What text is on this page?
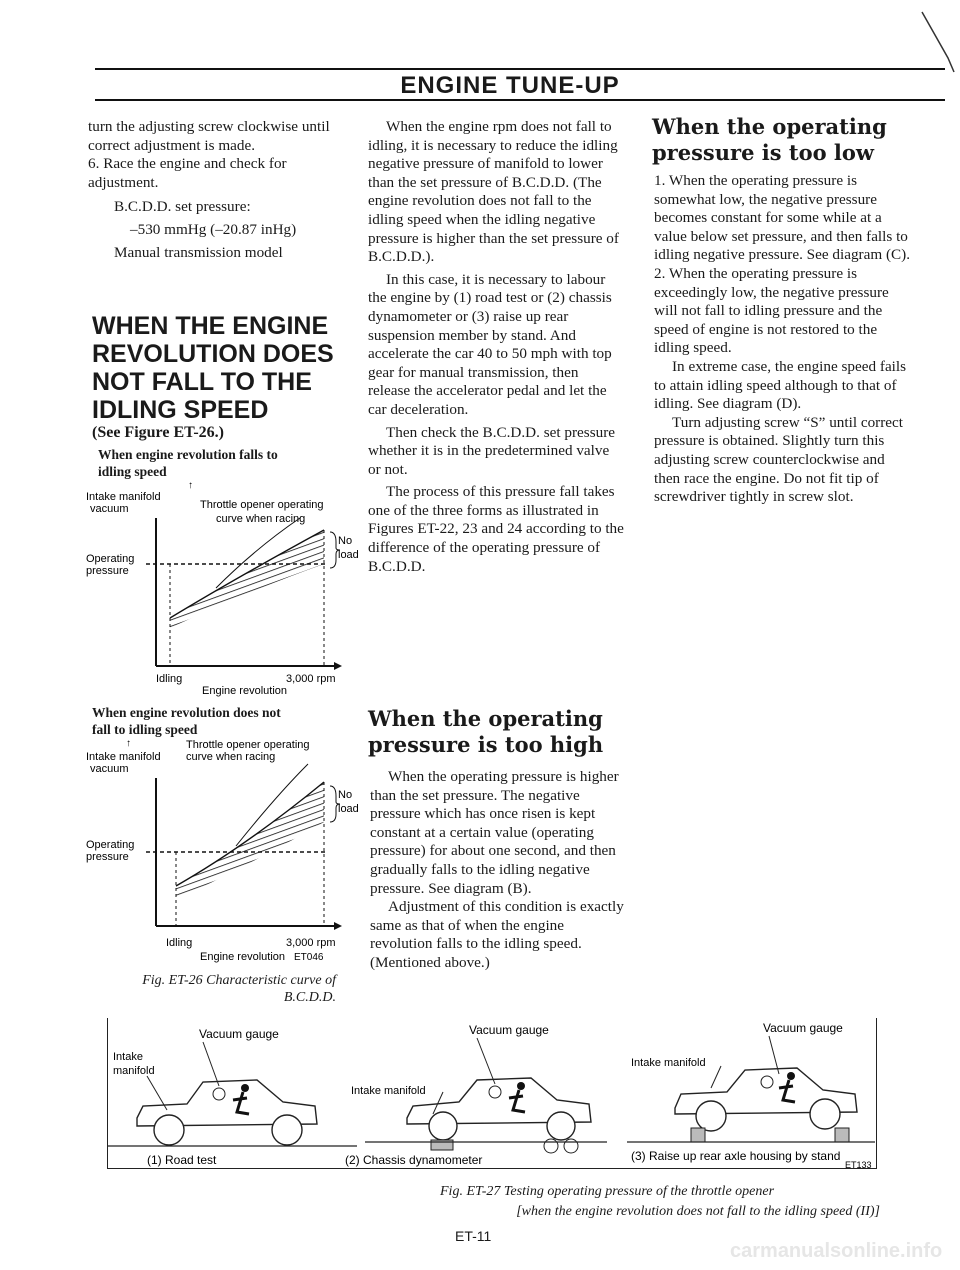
ENGINE TUNE-UP

turn the adjusting screw clockwise until correct adjustment is made.

6. Race the engine and check for adjustment.

B.C.D.D. set pressure:

–530 mmHg (–20.87 inHg)

Manual transmission model

WHEN THE ENGINE
REVOLUTION DOES
NOT FALL TO THE
IDLING SPEED
(See Figure ET-26.)
When engine revolution falls to
idling speed
↑
Intake manifold
vacuum	Throttle opener operating
curve when racing
Operating
pressure
No
load
Idling	3,000 rpm
Engine revolution
When engine revolution does not
fall to idling speed
↑	Throttle opener operating
Intake manifold curve when racing
vacuum
Operating
pressure
No
load
Idling	3,000 rpm
Engine revolution ET046
Fig. ET-26 Characteristic curve of
B.C.D.D.

When the engine rpm does not fall to idling, it is necessary to reduce the idling negative pressure of manifold to lower than the set pressure of B.C.D.D. (The engine revolution does not fall to the idling speed when the idling negative pressure is higher than the set pressure of B.C.D.D.).

In this case, it is necessary to labour the engine by (1) road test or (2) chassis dynamometer or (3) raise up rear suspension member by stand. And accelerate the car 40 to 50 mph with top gear for manual transmission, then release the accelerator pedal and let the car deceleration.

Then check the B.C.D.D. set pressure whether it is in the predetermined valve or not.

The process of this pressure fall takes one of the three forms as illustrated in Figures ET-22, 23 and 24 according to the difference of the operating pressure of B.C.D.D.

When the operating
pressure is too high

When the operating pressure is higher than the set pressure. The negative pressure which has once risen is kept constant at a certain value (operating pressure) for about one second, and then gradually falls to the idling negative pressure. See diagram (B).

Adjustment of this condition is exactly same as that of when the engine revolution falls to the idling speed. (Mentioned above.)

When the operating
pressure is too low

1. When the operating pressure is somewhat low, the negative pressure becomes constant for some while at a value below set pressure, and then falls to idling negative pressure. See diagram (C).

2. When the operating pressure is exceedingly low, the negative pressure will not fall to idling pressure and the speed of engine is not restored to the idling speed.

In extreme case, the engine speed fails to attain idling speed although to that of idling. See diagram (D).

Turn adjusting screw “S” until correct pressure is obtained. Slightly turn this adjusting screw counterclockwise and then race the engine. Do not fit tip of screwdriver tightly in screw slot.

Vacuum gauge
Intake
manifold
(1) Road test
Vacuum gauge
Intake manifold
(2) Chassis dynamometer
Vacuum gauge
Intake manifold
(3) Raise up rear axle housing by stand
ET133
Fig. ET-27 Testing operating pressure of the throttle opener
[when the engine revolution does not fall to the idling speed (II)]
ET-11
carmanualsonline.info
